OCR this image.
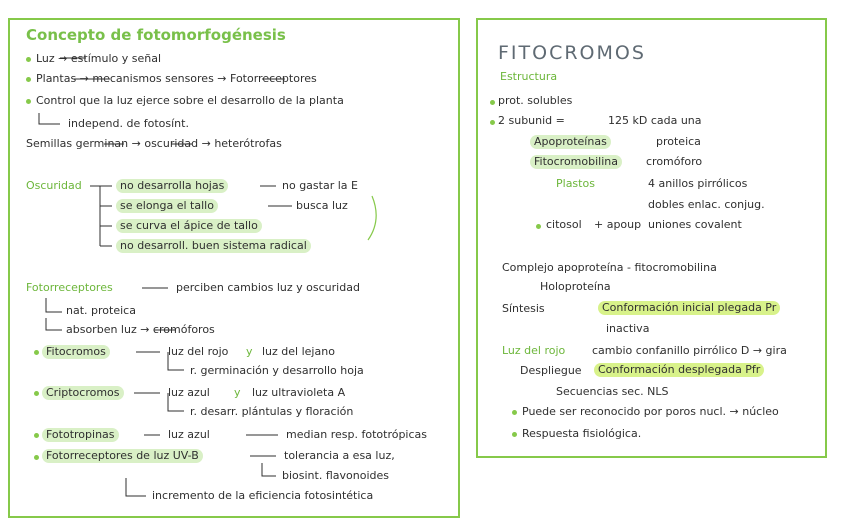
Concepto de fotomorfogénesis
Luz → estímulo y señal
Plantas → mecanismos sensores → Fotorreceptores
Control que la luz ejerce sobre el desarrollo de la planta
independ. de fotosínt.
Semillas germinan → oscuridad → heterótrofas
Oscuridad	no desarrolla hojas	no gastar la E
se elonga el tallo	busca luz
se curva el ápice de tallo
no desarroll. buen sistema radical
Fotorreceptores	perciben cambios luz y oscuridad
nat. proteica
absorben luz → cromóforos
Fitocromos	luz del rojo y luz del lejano
r. germinación y desarrollo hoja
Criptocromos	luz azul y luz ultravioleta A
r. desarr. plántulas y floración
Fototropinas	luz azul	median resp. fototrópicas
Fotorreceptores de luz UV-B	tolerancia a esa luz,
biosint. flavonoides
incremento de la eficiencia fotosintética
FITOCROMOS
Estructura
prot. solubles
2 subunid =	125 kD cada una
Apoproteínas	proteica
Fitocromobilina	cromóforo
Plastos	4 anillos pirrólicos
dobles enlac. conjug.
citosol + apoup uniones covalent
Complejo apoproteína - fitocromobilina
Holoproteína
Síntesis	Conformación inicial plegada Pr
inactiva
Luz del rojo cambio conf.
anillo pirrólico D → gira
Despliegue	Conformación desplegada Pfr
Secuencias sec. NLS
Puede ser reconocido por poros nucl. → núcleo
Respuesta fisiológica.
